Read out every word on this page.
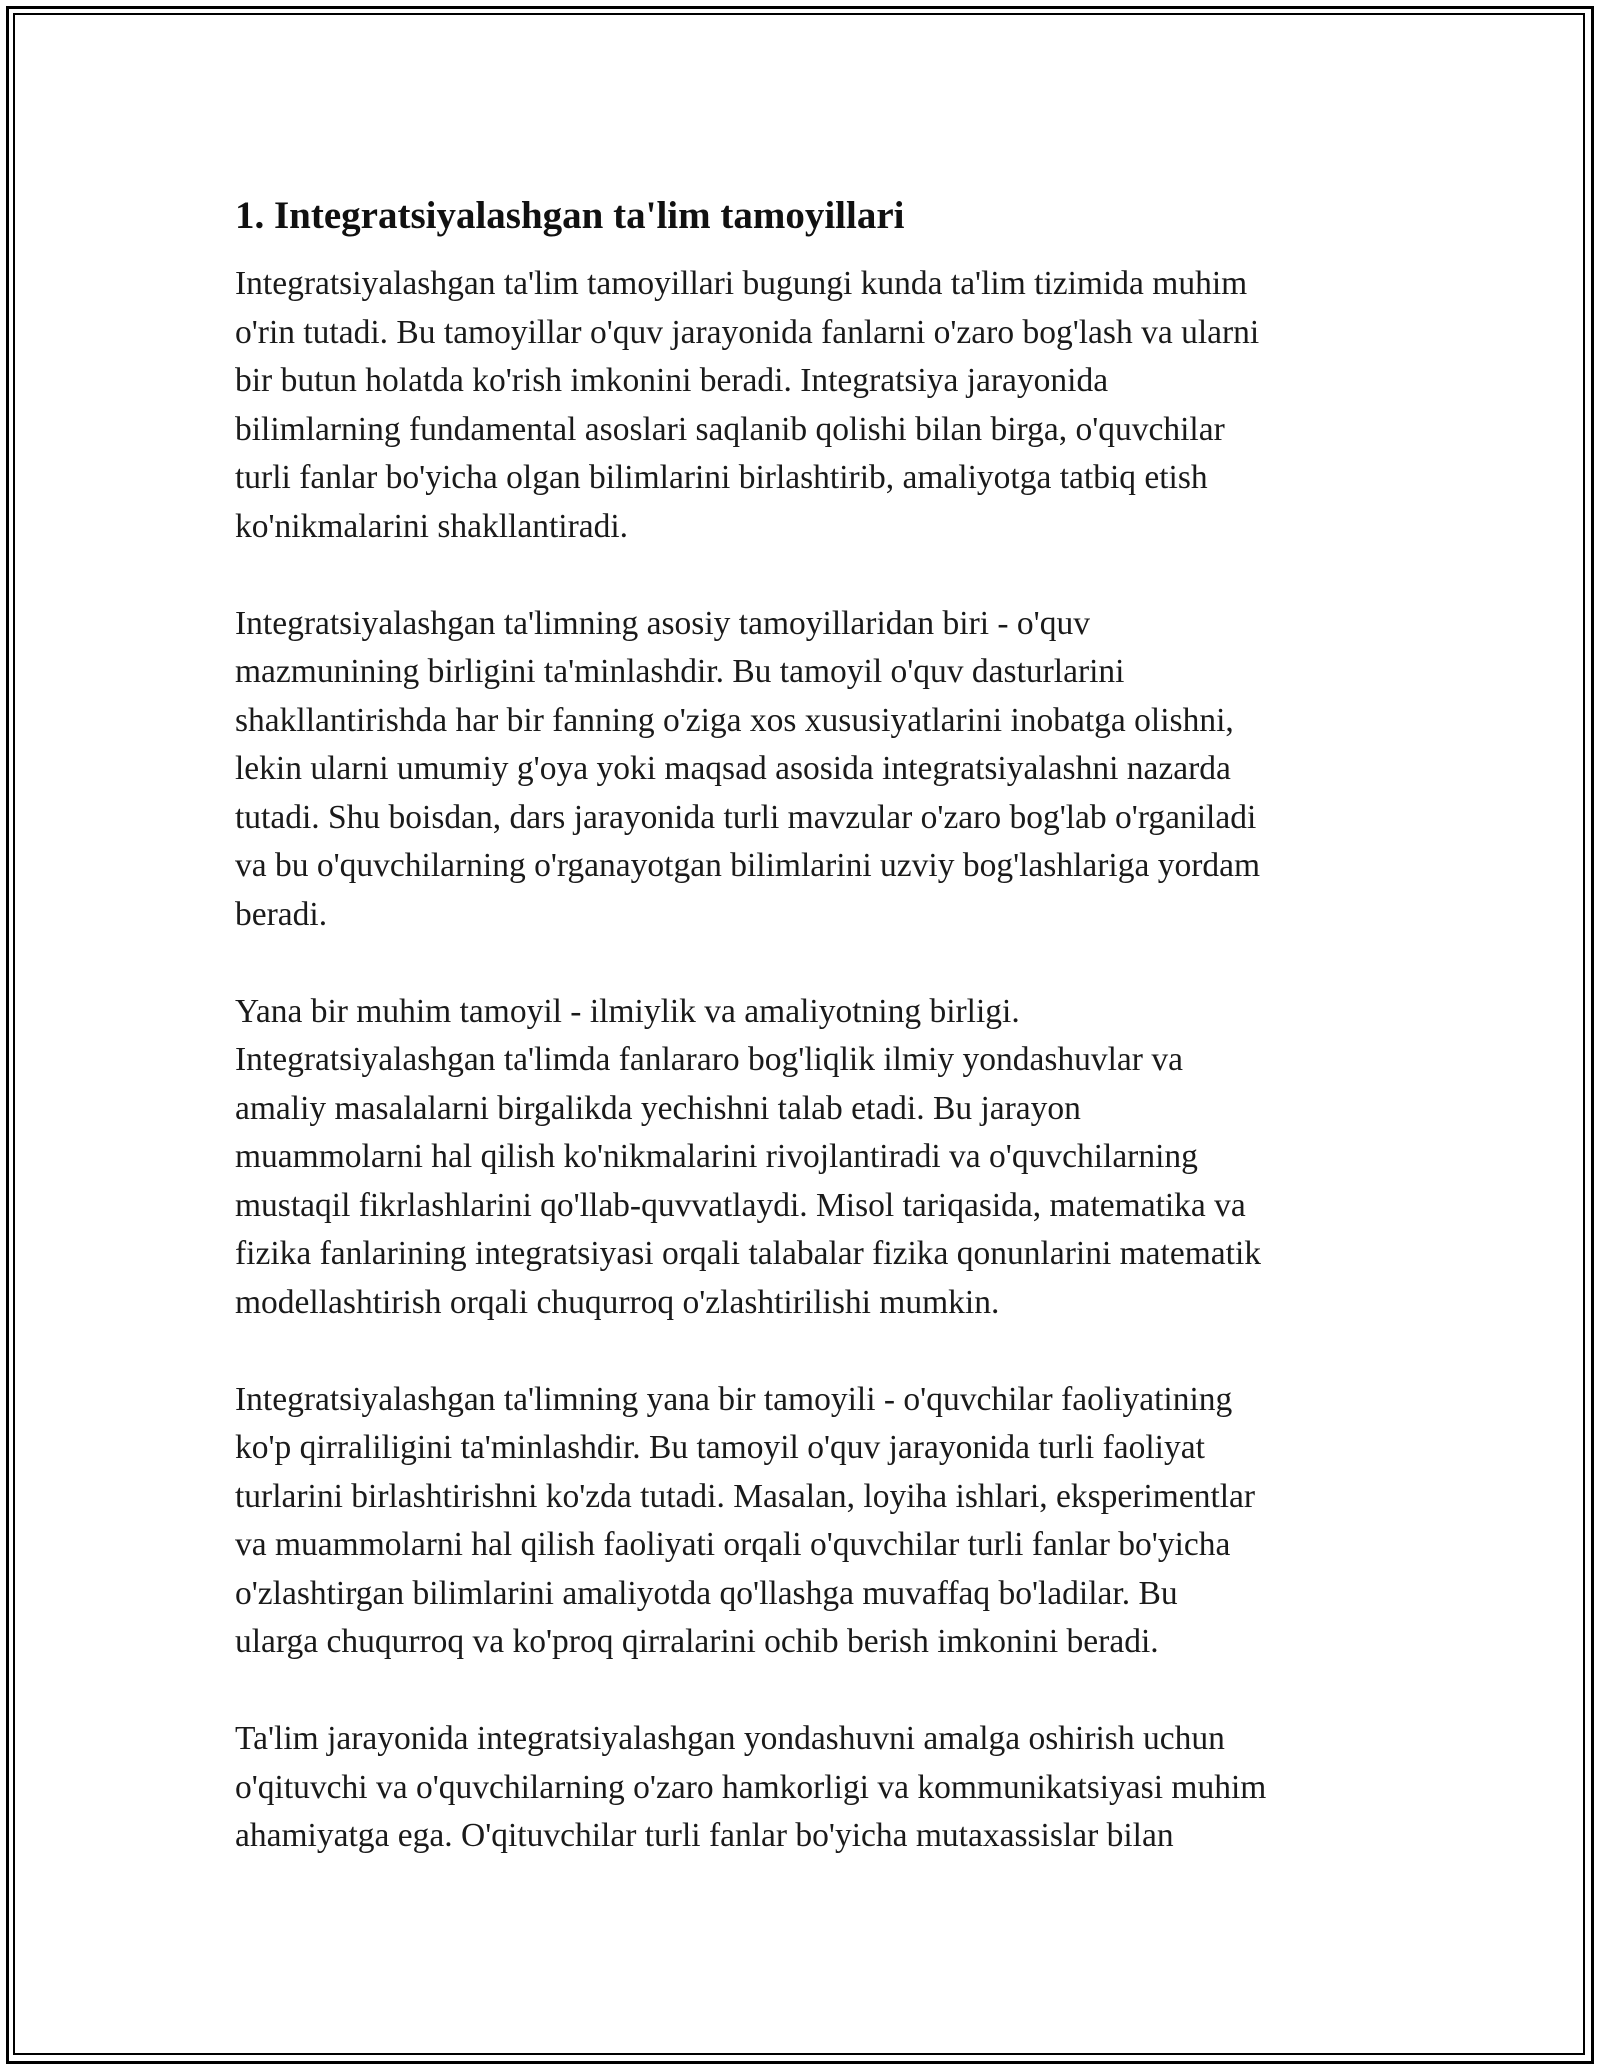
1. Integratsiyalashgan ta'lim tamoyillari

Integratsiyalashgan ta'lim tamoyillari bugungi kunda ta'lim tizimida muhim
o'rin tutadi. Bu tamoyillar o'quv jarayonida fanlarni o'zaro bog'lash va ularni
bir butun holatda ko'rish imkonini beradi. Integratsiya jarayonida
bilimlarning fundamental asoslari saqlanib qolishi bilan birga, o'quvchilar
turli fanlar bo'yicha olgan bilimlarini birlashtirib, amaliyotga tatbiq etish
ko'nikmalarini shakllantiradi.

Integratsiyalashgan ta'limning asosiy tamoyillaridan biri - o'quv
mazmunining birligini ta'minlashdir. Bu tamoyil o'quv dasturlarini
shakllantirishda har bir fanning o'ziga xos xususiyatlarini inobatga olishni,
lekin ularni umumiy g'oya yoki maqsad asosida integratsiyalashni nazarda
tutadi. Shu boisdan, dars jarayonida turli mavzular o'zaro bog'lab o'rganiladi
va bu o'quvchilarning o'rganayotgan bilimlarini uzviy bog'lashlariga yordam
beradi.

Yana bir muhim tamoyil - ilmiylik va amaliyotning birligi.
Integratsiyalashgan ta'limda fanlararo bog'liqlik ilmiy yondashuvlar va
amaliy masalalarni birgalikda yechishni talab etadi. Bu jarayon
muammolarni hal qilish ko'nikmalarini rivojlantiradi va o'quvchilarning
mustaqil fikrlashlarini qo'llab-quvvatlaydi. Misol tariqasida, matematika va
fizika fanlarining integratsiyasi orqali talabalar fizika qonunlarini matematik
modellashtirish orqali chuqurroq o'zlashtirilishi mumkin.

Integratsiyalashgan ta'limning yana bir tamoyili - o'quvchilar faoliyatining
ko'p qirraliligini ta'minlashdir. Bu tamoyil o'quv jarayonida turli faoliyat
turlarini birlashtirishni ko'zda tutadi. Masalan, loyiha ishlari, eksperimentlar
va muammolarni hal qilish faoliyati orqali o'quvchilar turli fanlar bo'yicha
o'zlashtirgan bilimlarini amaliyotda qo'llashga muvaffaq bo'ladilar. Bu
ularga chuqurroq va ko'proq qirralarini ochib berish imkonini beradi.

Ta'lim jarayonida integratsiyalashgan yondashuvni amalga oshirish uchun
o'qituvchi va o'quvchilarning o'zaro hamkorligi va kommunikatsiyasi muhim
ahamiyatga ega. O'qituvchilar turli fanlar bo'yicha mutaxassislar bilan
